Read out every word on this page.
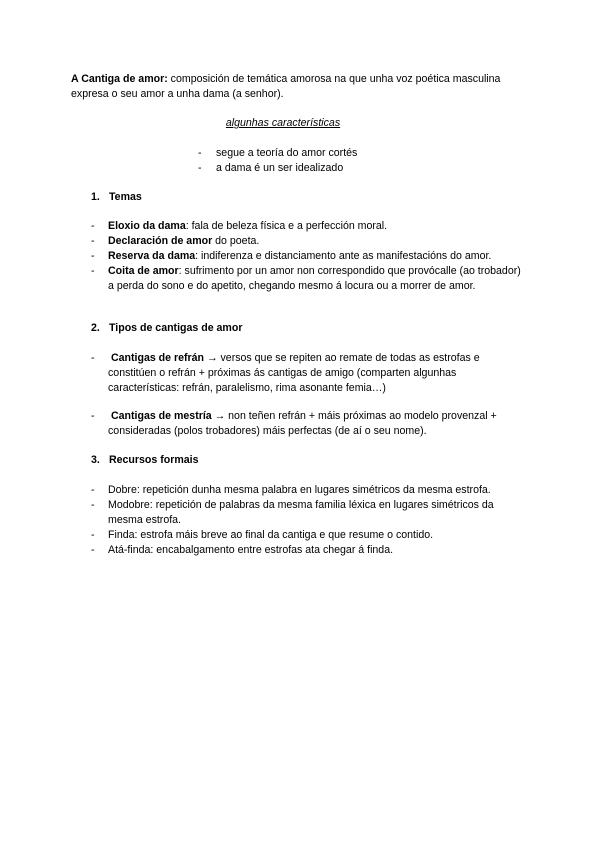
A Cantiga de amor: composición de temática amorosa na que unha voz poética masculina expresa o seu amor a unha dama (a senhor).
algunhas características
- segue a teoría do amor cortés
- a dama é un ser idealizado
1. Temas
- Eloxio da dama: fala de beleza física e a perfección moral.
- Declaración de amor do poeta.
- Reserva da dama: indiferenza e distanciamento ante as manifestacións do amor.
- Coita de amor: sufrimento por un amor non correspondido que provócalle (ao trobador) a perda do sono e do apetito, chegando mesmo á locura ou a morrer de amor.
2. Tipos de cantigas de amor
- Cantigas de refrán → versos que se repiten ao remate de todas as estrofas e constitúen o refrán + próximas ás cantigas de amigo (comparten algunhas características: refrán, paralelismo, rima asonante femia…)
- Cantigas de mestría → non teñen refrán + máis próximas ao modelo provenzal + consideradas (polos trobadores) máis perfectas (de aí o seu nome).
3. Recursos formais
- Dobre: repetición dunha mesma palabra en lugares simétricos da mesma estrofa.
- Modobre: repetición de palabras da mesma familia léxica en lugares simétricos da mesma estrofa.
- Finda: estrofa máis breve ao final da cantiga e que resume o contido.
- Atá-finda: encabalgamento entre estrofas ata chegar á finda.
